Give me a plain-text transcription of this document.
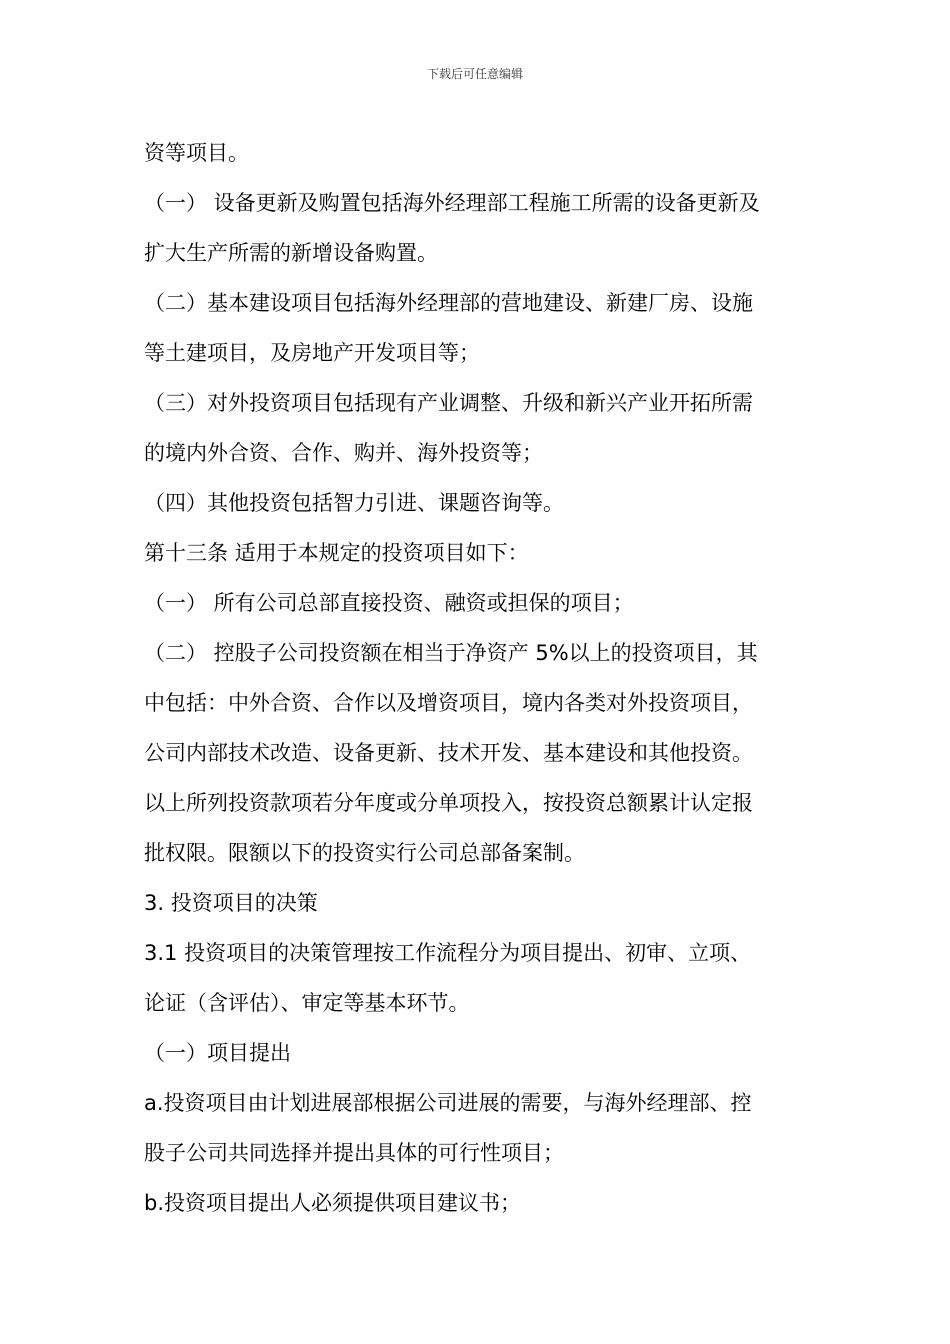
下载后可任意编辑
资等项目。
（一） 设备更新及购置包括海外经理部工程施工所需的设备更新及
扩大生产所需的新增设备购置。
（二）基本建设项目包括海外经理部的营地建设、新建厂房、设施
等土建项目，及房地产开发项目等；
（三）对外投资项目包括现有产业调整、升级和新兴产业开拓所需
的境内外合资、合作、购并、海外投资等；
（四）其他投资包括智力引进、课题咨询等。
第十三条 适用于本规定的投资项目如下：
（一） 所有公司总部直接投资、融资或担保的项目；
（二） 控股子公司投资额在相当于净资产 5%以上的投资项目，其
中包括：中外合资、合作以及增资项目，境内各类对外投资项目，
公司内部技术改造、设备更新、技术开发、基本建设和其他投资。
以上所列投资款项若分年度或分单项投入，按投资总额累计认定报
批权限。限额以下的投资实行公司总部备案制。
3. 投资项目的决策
3.1 投资项目的决策管理按工作流程分为项目提出、初审、立项、
论证（含评估）、审定等基本环节。
（一）项目提出
a.投资项目由计划进展部根据公司进展的需要，与海外经理部、控
股子公司共同选择并提出具体的可行性项目；
b.投资项目提出人必须提供项目建议书；
